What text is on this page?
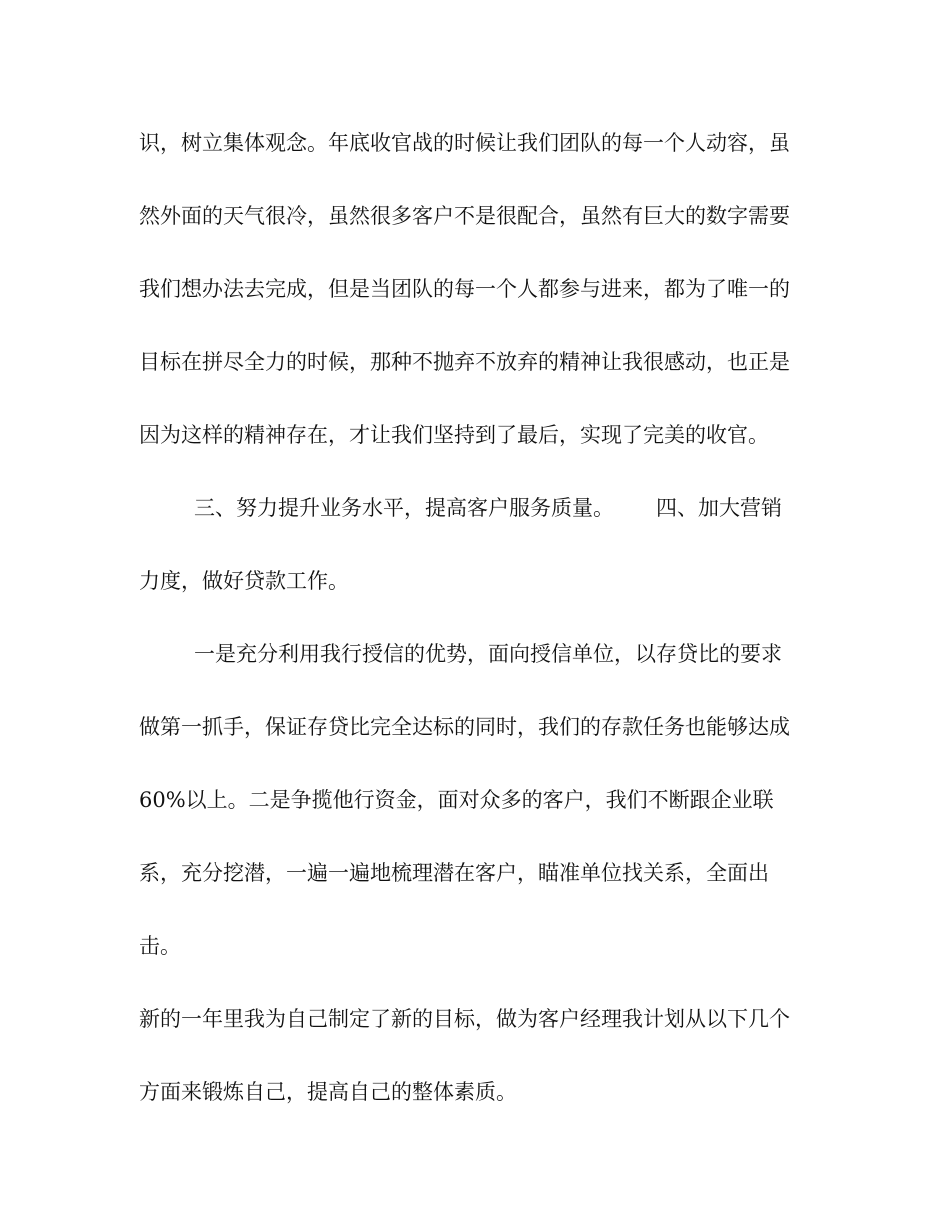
识，树立集体观念。年底收官战的时候让我们团队的每一个人动容，虽
然外面的天气很冷，虽然很多客户不是很配合，虽然有巨大的数字需要
我们想办法去完成，但是当团队的每一个人都参与进来，都为了唯一的
目标在拼尽全力的时候，那种不抛弃不放弃的精神让我很感动，也正是
因为这样的精神存在，才让我们坚持到了最后，实现了完美的收官。
三、努力提升业务水平，提高客户服务质量。 四、加大营销
力度，做好贷款工作。
一是充分利用我行授信的优势，面向授信单位，以存贷比的要求
做第一抓手，保证存贷比完全达标的同时，我们的存款任务也能够达成
60%以上。二是争揽他行资金，面对众多的客户，我们不断跟企业联
系，充分挖潜，一遍一遍地梳理潜在客户，瞄准单位找关系，全面出
击。
新的一年里我为自己制定了新的目标，做为客户经理我计划从以下几个
方面来锻炼自己，提高自己的整体素质。
